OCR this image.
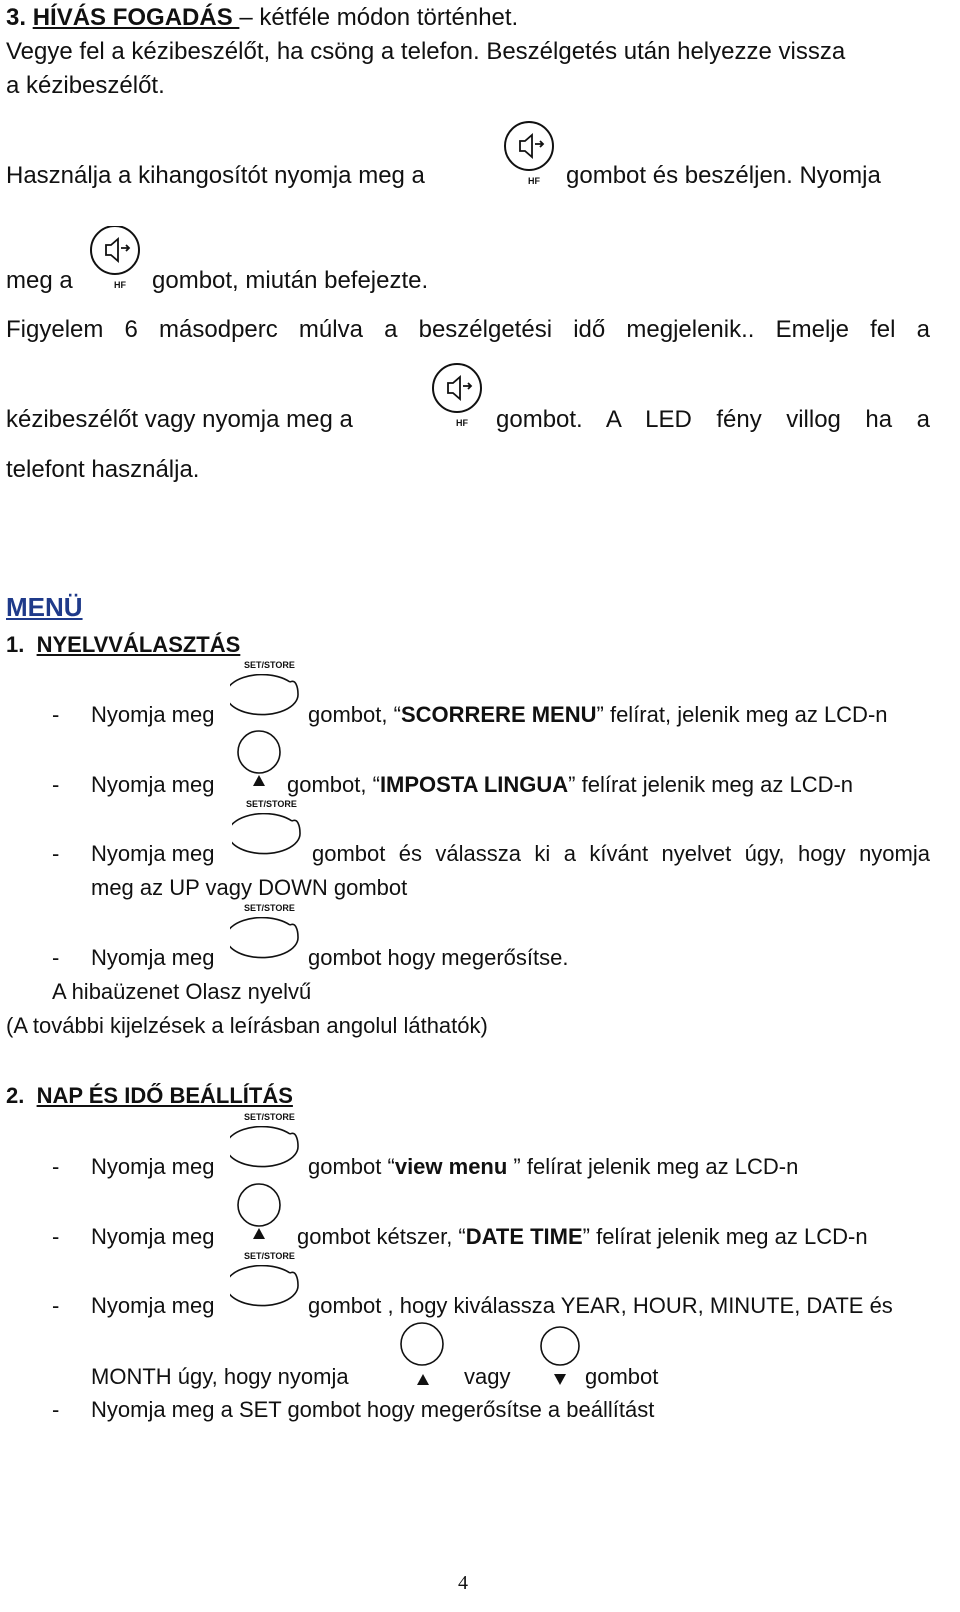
3. HÍVÁS FOGADÁS – kétféle módon történhet.
Vegye fel a kézibeszélőt, ha csöng a telefon. Beszélgetés után helyezze vissza
a kézibeszélőt.
Használja a kihangosítót nyomja meg a	HF gombot és beszéljen. Nyomja
HF
meg a	gombot, miután befejezte.
Figyelem 6 másodperc múlva a beszélgetési idő megjelenik.. Emelje fel a
kézibeszélőt vagy nyomja meg a	HF gombot. A LED fény villog ha a
telefont használja.
MENÜ
1. NYELVVÁLASZTÁS
SET/STORE
- Nyomja meg	gombot, “SCORRERE MENU” felírat, jelenik meg az LCD-n
- Nyomja meg	gombot, “IMPOSTA LINGUA” felírat jelenik meg az LCD-n
SET/STORE
- Nyomja meg	gombot és válassza ki a kívánt nyelvet úgy, hogy nyomja
meg az UP vagy DOWN gombot
SET/STORE
- Nyomja meg	gombot hogy megerősítse.
A hibaüzenet Olasz nyelvű
(A további kijelzések a leírásban angolul láthatók)
2. NAP ÉS IDŐ BEÁLLÍTÁS
SET/STORE
- Nyomja meg	gombot “view menu ” felírat jelenik meg az LCD-n
- Nyomja meg	gombot kétszer, “DATE TIME” felírat jelenik meg az LCD-n
SET/STORE
- Nyomja meg	gombot , hogy kiválassza YEAR, HOUR, MINUTE, DATE és
MONTH úgy, hogy nyomja	vagy	gombot
- Nyomja meg a SET gombot hogy megerősítse a beállítást
4
